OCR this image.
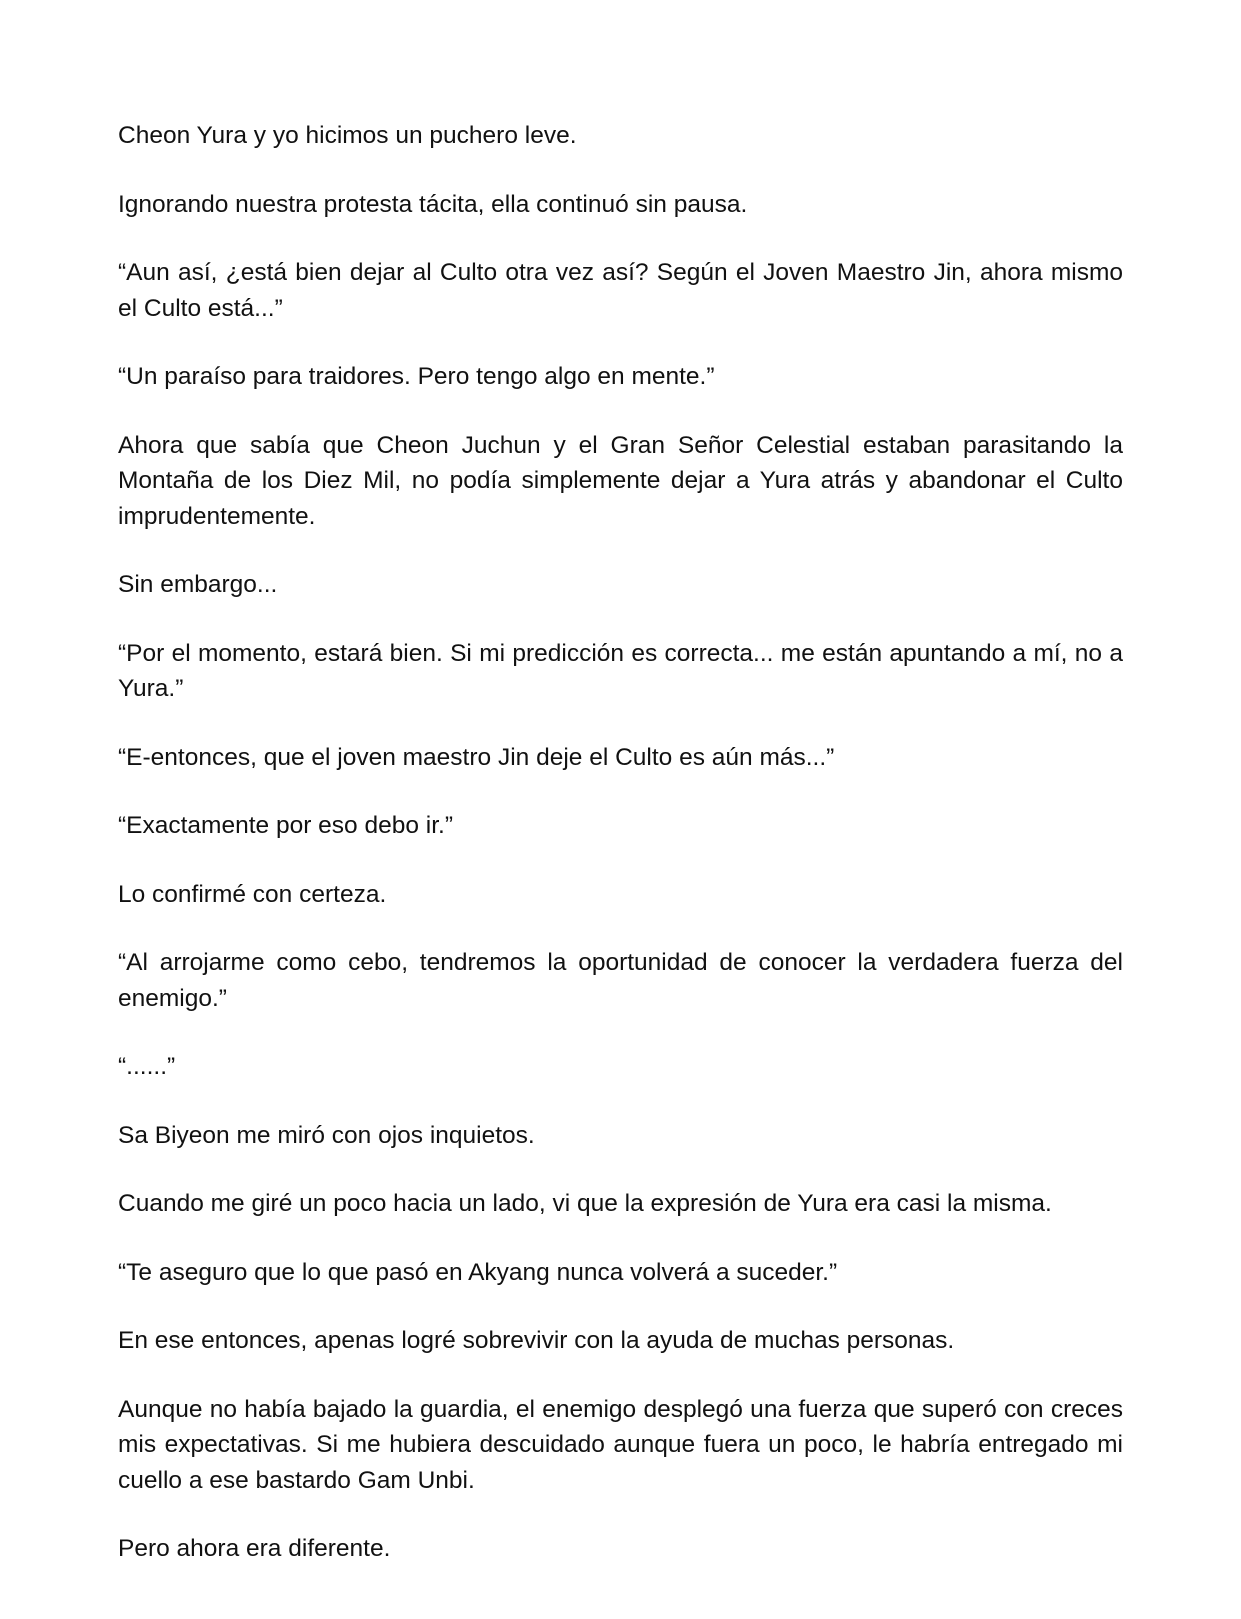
Cheon Yura y yo hicimos un puchero leve.

Ignorando nuestra protesta tácita, ella continuó sin pausa.

“Aun así, ¿está bien dejar al Culto otra vez así? Según el Joven Maestro Jin, ahora mismo el Culto está...”

“Un paraíso para traidores. Pero tengo algo en mente.”

Ahora que sabía que Cheon Juchun y el Gran Señor Celestial estaban parasitando la Montaña de los Diez Mil, no podía simplemente dejar a Yura atrás y abandonar el Culto imprudentemente.

Sin embargo...

“Por el momento, estará bien. Si mi predicción es correcta... me están apuntando a mí, no a Yura.”

“E-entonces, que el joven maestro Jin deje el Culto es aún más...”

“Exactamente por eso debo ir.”

Lo confirmé con certeza.

“Al arrojarme como cebo, tendremos la oportunidad de conocer la verdadera fuerza del enemigo.”

“......”

Sa Biyeon me miró con ojos inquietos.

Cuando me giré un poco hacia un lado, vi que la expresión de Yura era casi la misma.

“Te aseguro que lo que pasó en Akyang nunca volverá a suceder.”

En ese entonces, apenas logré sobrevivir con la ayuda de muchas personas.

Aunque no había bajado la guardia, el enemigo desplegó una fuerza que superó con creces mis expectativas. Si me hubiera descuidado aunque fuera un poco, le habría entregado mi cuello a ese bastardo Gam Unbi.

Pero ahora era diferente.
